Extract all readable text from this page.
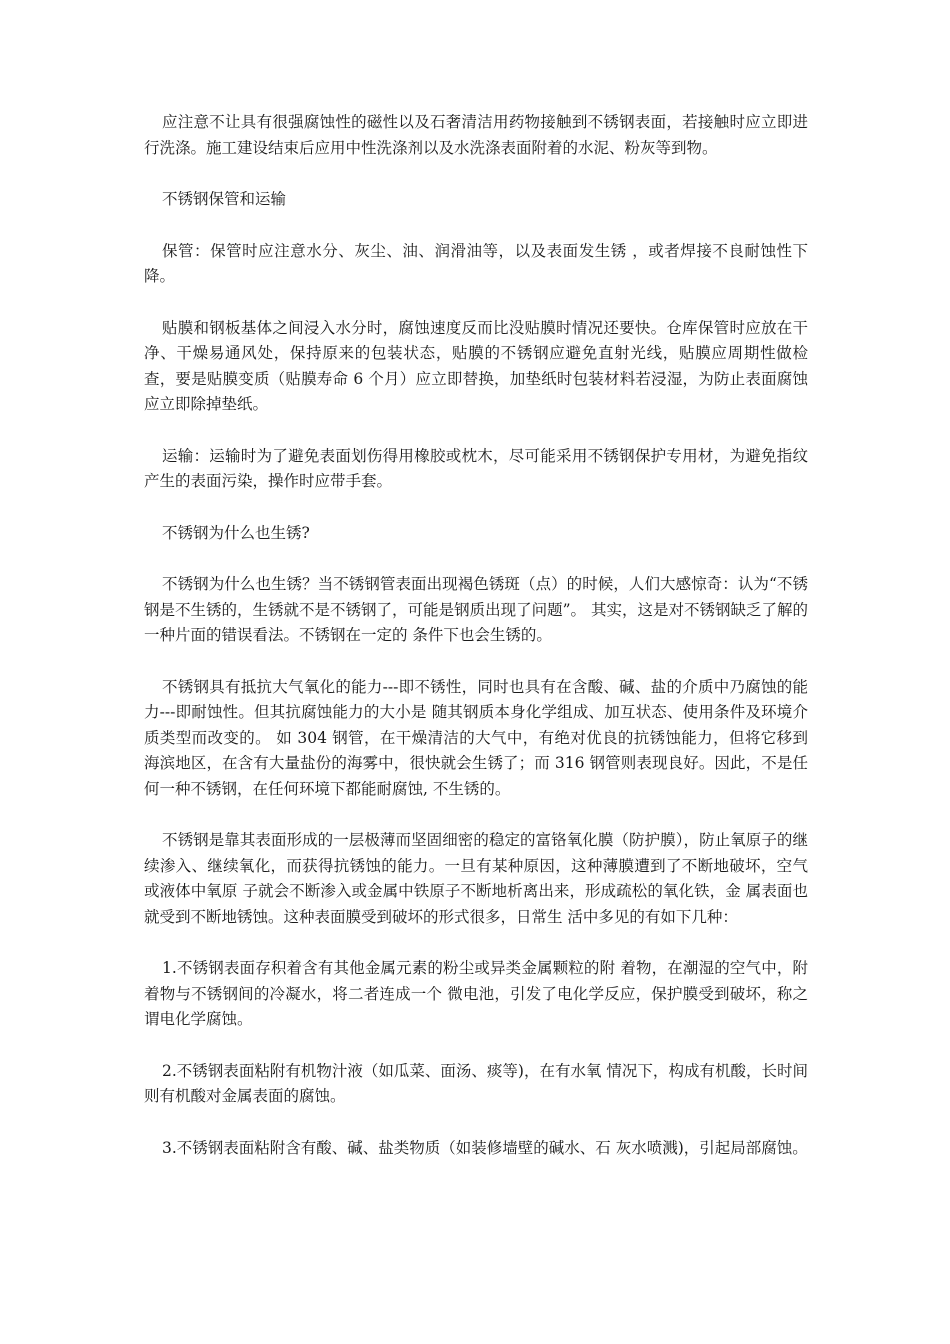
应注意不让具有很强腐蚀性的磁性以及石奢清洁用药物接触到不锈钢表面，若接触时应立即进行洗涤。施工建设结束后应用中性洗涤剂以及水洗涤表面附着的水泥、粉灰等到物。

不锈钢保管和运输

保管：保管时应注意水分、灰尘、油、润滑油等，以及表面发生锈 ，或者焊接不良耐蚀性下降。

贴膜和钢板基体之间浸入水分时，腐蚀速度反而比没贴膜时情况还要快。仓库保管时应放在干净、干燥易通风处，保持原来的包装状态，贴膜的不锈钢应避免直射光线，贴膜应周期性做检查，要是贴膜变质（贴膜寿命 6 个月）应立即替换，加垫纸时包装材料若浸湿，为防止表面腐蚀应立即除掉垫纸。

运输：运输时为了避免表面划伤得用橡胶或枕木，尽可能采用不锈钢保护专用材，为避免指纹产生的表面污染，操作时应带手套。

不锈钢为什么也生锈?

不锈钢为什么也生锈？当不锈钢管表面出现褐色锈斑（点）的时候，人们大感惊奇：认为“不锈钢是不生锈的，生锈就不是不锈钢了，可能是钢质出现了问题”。 其实，这是对不锈钢缺乏了解的一种片面的错误看法。不锈钢在一定的 条件下也会生锈的。

不锈钢具有抵抗大气氧化的能力---即不锈性，同时也具有在含酸、碱、盐的介质中乃腐蚀的能力---即耐蚀性。但其抗腐蚀能力的大小是 随其钢质本身化学组成、加互状态、使用条件及环境介质类型而改变的。 如 304 钢管，在干燥清洁的大气中，有绝对优良的抗锈蚀能力，但将它移到海滨地区，在含有大量盐份的海雾中，很快就会生锈了；而 316 钢管则表现良好。因此，不是任何一种不锈钢，在任何环境下都能耐腐蚀, 不生锈的。

不锈钢是靠其表面形成的一层极薄而坚固细密的稳定的富铬氧化膜（防护膜），防止氧原子的继续渗入、继续氧化，而获得抗锈蚀的能力。一旦有某种原因，这种薄膜遭到了不断地破坏，空气或液体中氧原 子就会不断渗入或金属中铁原子不断地析离出来，形成疏松的氧化铁，金 属表面也就受到不断地锈蚀。这种表面膜受到破坏的形式很多，日常生 活中多见的有如下几种：

1.不锈钢表面存积着含有其他金属元素的粉尘或异类金属颗粒的附 着物，在潮湿的空气中，附着物与不锈钢间的冷凝水，将二者连成一个 微电池，引发了电化学反应，保护膜受到破坏，称之谓电化学腐蚀。

2.不锈钢表面粘附有机物汁液（如瓜菜、面汤、痰等)，在有水氧 情况下，构成有机酸，长时间则有机酸对金属表面的腐蚀。

3.不锈钢表面粘附含有酸、碱、盐类物质（如装修墙壁的碱水、石 灰水喷溅)，引起局部腐蚀。
